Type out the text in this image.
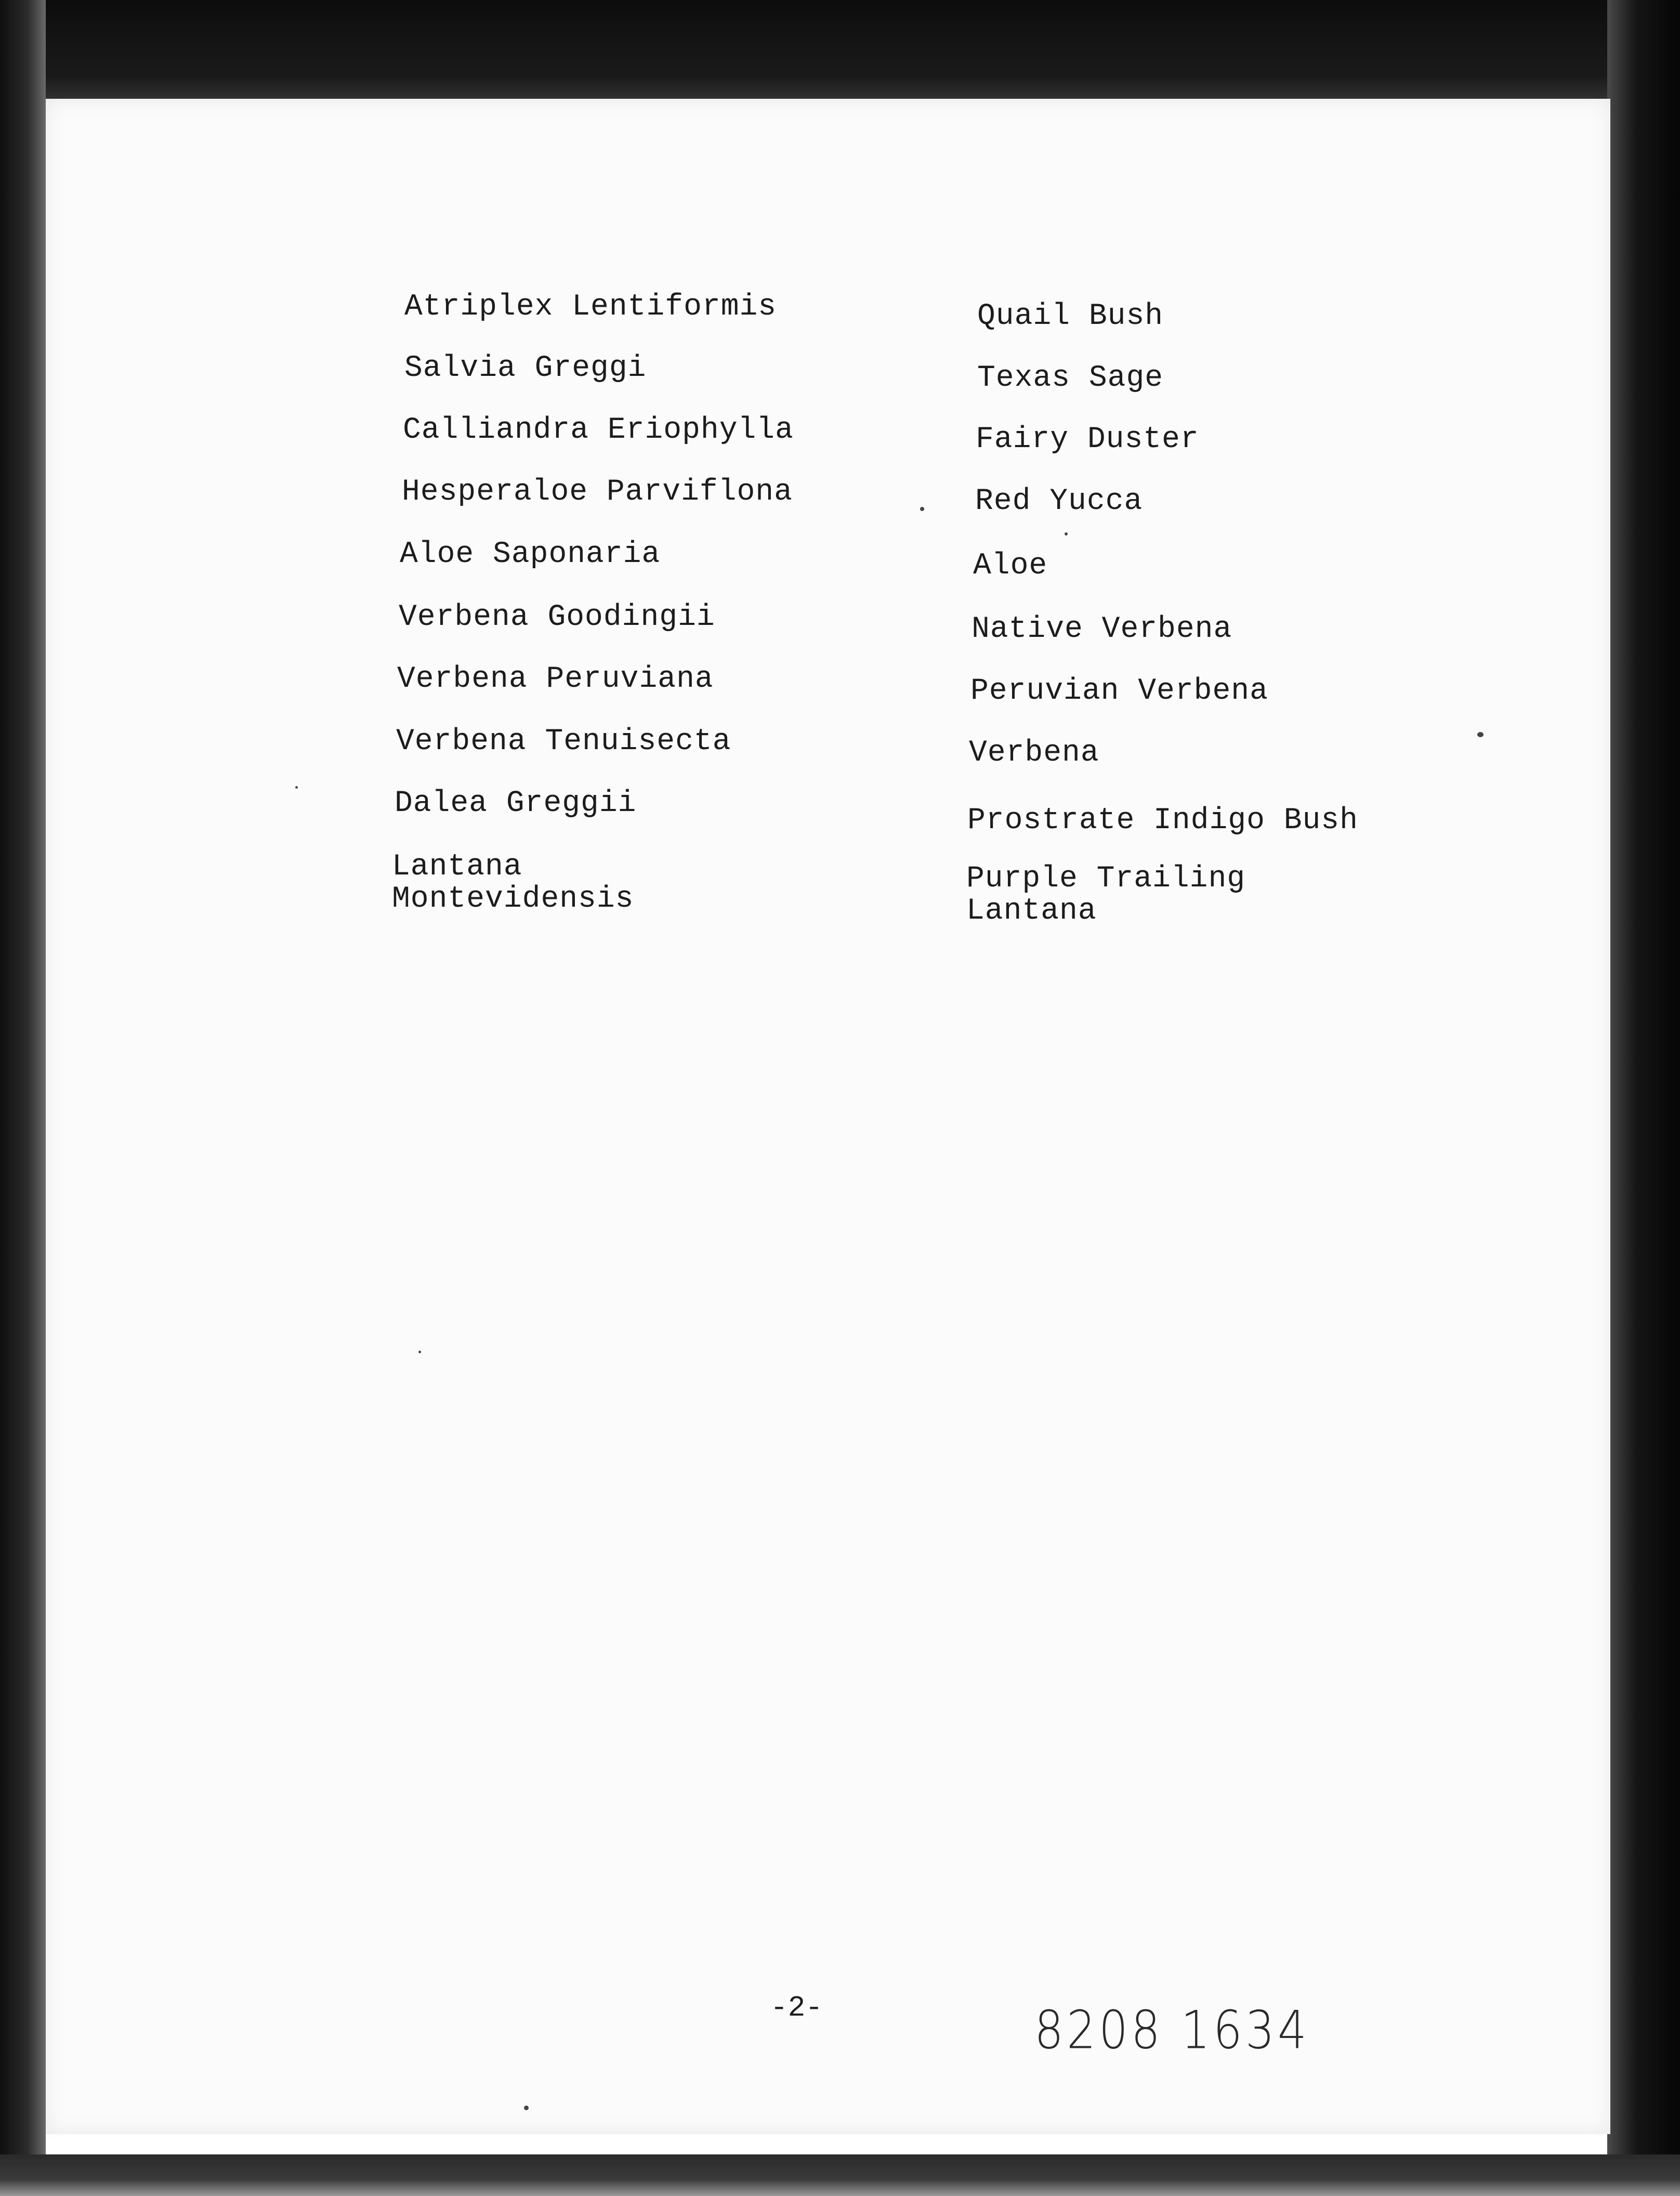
Atriplex Lentiformis
Salvia Greggi
Calliandra Eriophylla
Hesperaloe Parviflona
Aloe Saponaria
Verbena Goodingii
Verbena Peruviana
Verbena Tenuisecta
Dalea Greggii
Lantana
Montevidensis
Quail Bush
Texas Sage
Fairy Duster
Red Yucca
Aloe
Native Verbena
Peruvian Verbena
Verbena
Prostrate Indigo Bush
Purple Trailing
Lantana
-2-	8208 1634
